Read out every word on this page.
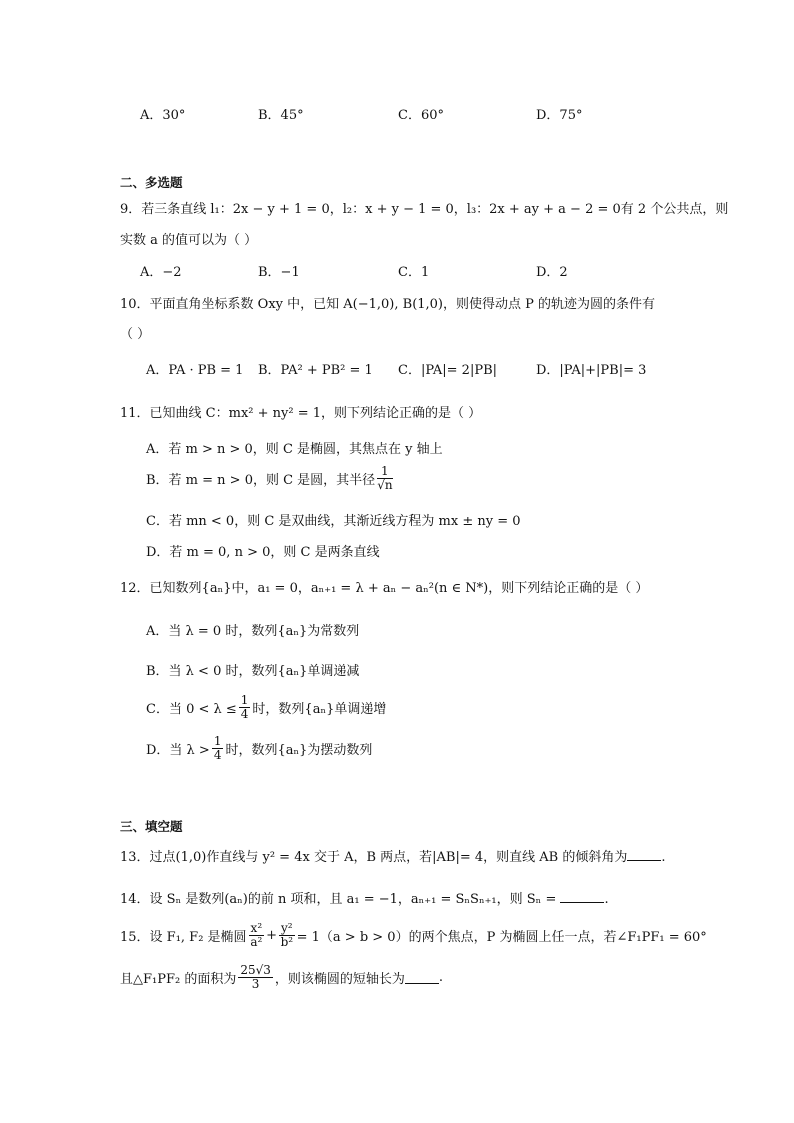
A．30°	B．45°	C．60°	D．75°
二、多选题
9．若三条直线 l₁：2x − y + 1 = 0，l₂：x + y − 1 = 0，l₃：2x + ay + a − 2 = 0有 2 个公共点，则
实数 a 的值可以为（ ）
A．−2	B．−1	C．1	D．2
10．平面直角坐标系数 Oxy 中，已知 A(−1,0), B(1,0)，则使得动点 P 的轨迹为圆的条件有
（ ）
A．PA · PB = 1 B．PA² + PB² = 1 C．|PA|= 2|PB|	D．|PA|+|PB|= 3
11．已知曲线 C：mx² + ny² = 1，则下列结论正确的是（ ）
A．若 m > n > 0，则 C 是椭圆，其焦点在 y 轴上
B．若 m = n > 0，则 C 是圆，其半径 $\frac{1}{√n}$
C．若 mn < 0，则 C 是双曲线，其渐近线方程为 mx ± ny = 0
D．若 m = 0, n > 0，则 C 是两条直线
12．已知数列{aₙ}中，a₁ = 0，aₙ₊₁ = λ + aₙ − aₙ²(n ∈ N*)，则下列结论正确的是（ ）
A．当 λ = 0 时，数列{aₙ}为常数列
B．当 λ < 0 时，数列{aₙ}单调递减
C．当 $0 < \lambda \le \frac{1}{4}$ 时，数列{aₙ}单调递增
D．当 $\lambda > \frac{1}{4}$ 时，数列{aₙ}为摆动数列
三、填空题
13．过点(1,0)作直线与 y² = 4x 交于 A，B 两点，若|AB|= 4，则直线 AB 的倾斜角为	.
14．设 Sₙ 是数列(aₙ)的前 n 项和，且 a₁ = −1，aₙ₊₁ = SₙSₙ₊₁，则 Sₙ =	.
15．设 F₁, F₂ 是椭圆 $\frac{\text{x²}}{\text{a²}} + \frac{\text{y²}}{\text{b²}} = 1(a > b > 0)$的两个焦点，P 为椭圆上任一点，若∠F₁PF₁ = 60°
且△F₁PF₂ 的面积为 $\frac{25√3}{3}$ ，则该椭圆的短轴长为	.
